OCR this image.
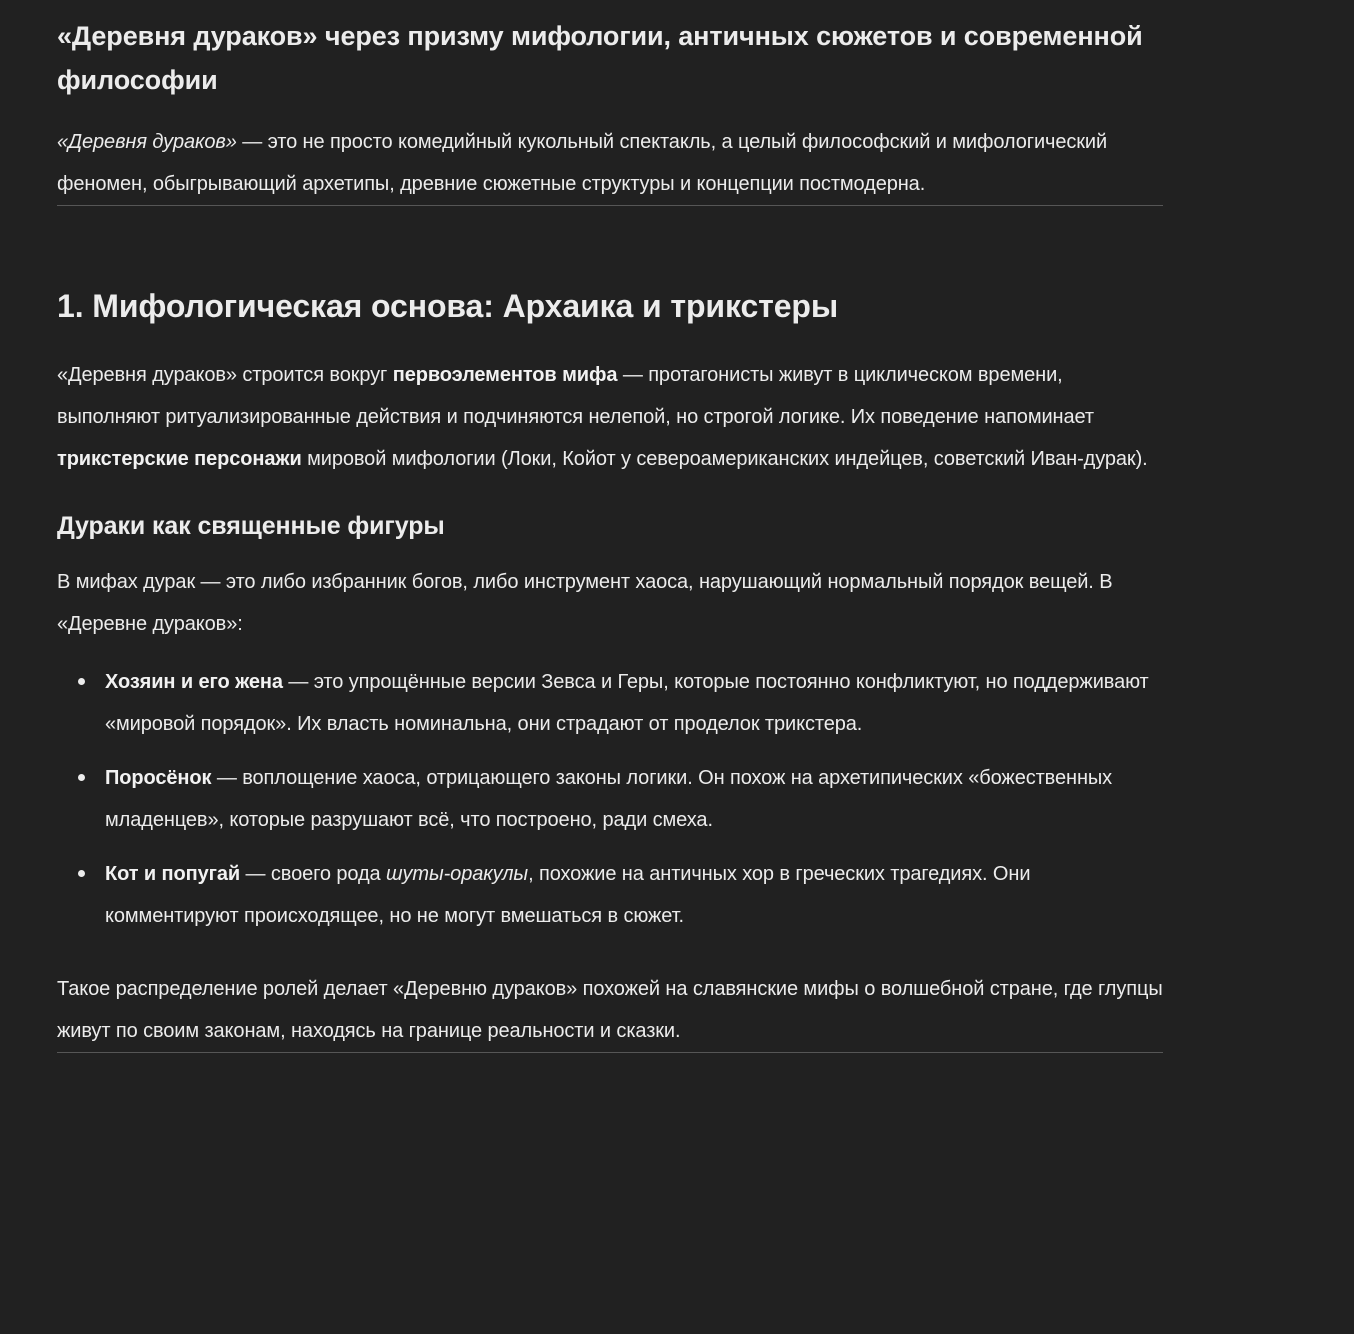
«Деревня дураков» через призму мифологии, античных сюжетов и современной философии

«Деревня дураков» — это не просто комедийный кукольный спектакль, а целый философский и мифологический феномен, обыгрывающий архетипы, древние сюжетные структуры и концепции постмодерна.

1. Мифологическая основа: Архаика и трикстеры

«Деревня дураков» строится вокруг первоэлементов мифа — протагонисты живут в циклическом времени, выполняют ритуализированные действия и подчиняются нелепой, но строгой логике. Их поведение напоминает трикстерские персонажи мировой мифологии (Локи, Койот у североамериканских индейцев, советский Иван-дурак).

Дураки как священные фигуры

В мифах дурак — это либо избранник богов, либо инструмент хаоса, нарушающий нормальный порядок вещей. В «Деревне дураков»:

Хозяин и его жена — это упрощённые версии Зевса и Геры, которые постоянно конфликтуют, но поддерживают «мировой порядок». Их власть номинальна, они страдают от проделок трикстера.
Поросёнок — воплощение хаоса, отрицающего законы логики. Он похож на архетипических «божественных младенцев», которые разрушают всё, что построено, ради смеха.
Кот и попугай — своего рода шуты-оракулы, похожие на античных хор в греческих трагедиях. Они комментируют происходящее, но не могут вмешаться в сюжет.

Такое распределение ролей делает «Деревню дураков» похожей на славянские мифы о волшебной стране, где глупцы живут по своим законам, находясь на границе реальности и сказки.
